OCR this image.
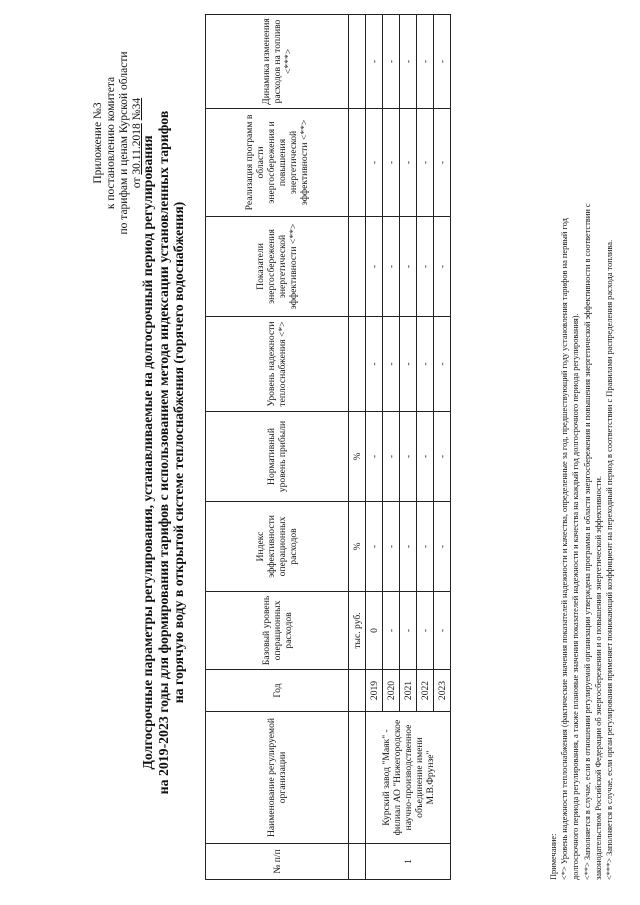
Приложение №3 к постановлению комитета по тарифам и ценам Курской области от 30.11.2018 №34
Долгосрочные параметры регулирования, устанавливаемые на долгосрочный период регулирования на 2019-2023 годы для формирования тарифов с использованием метода индексации установленных тарифов на горячую воду в открытой системе теплоснабжения (горячего водоснабжения)
№ п/п	Наименование регулируемой организации	Год	Базовый уровень операционных расходов	Индекс эффективности операционных расходов	Нормативный уровень прибыли	Уровень надежности теплоснабжения <*>	Показатели энергосбережения энергетической эффективности <**>	Реализация программ в области энергосбережения и повышения энергетической эффективности <**>	Динамика изменения расходов на топливо <***>
			тыс. руб.	%	%				
1	Курский завод "Маяк" - филиал АО "Нижегородское научно-производственное объединение имени М.В.Фрунзе"	2019	0	-	-	-	-	-	-
		2020	-	-	-	-	-	-	-
		2021	-	-	-	-	-	-	-
		2022	-	-	-	-	-	-	-
		2023	-	-	-	-	-	-	-
Примечание: <*> Уровень надежности теплоснабжения (фактические значения показателей надежности и качества, определенные за год, предшествующий году установления тарифов на первый год долгосрочного периода регулирования, а также плановые значения показателей надежности и качества на каждый год долгосрочного периода регулирования). <**> Заполняется в случае, если в отношении регулируемой организации утверждена программа в области энергосбережения и повышения энергетической эффективности в соответствии с законодательством Российской Федерации об энергосбережении и о повышении энергетической эффективности. <***> Заполняется в случае, если орган регулирования применяет понижающий коэффициент на переходный период в соответствии с Правилами распределения расхода топлива.
